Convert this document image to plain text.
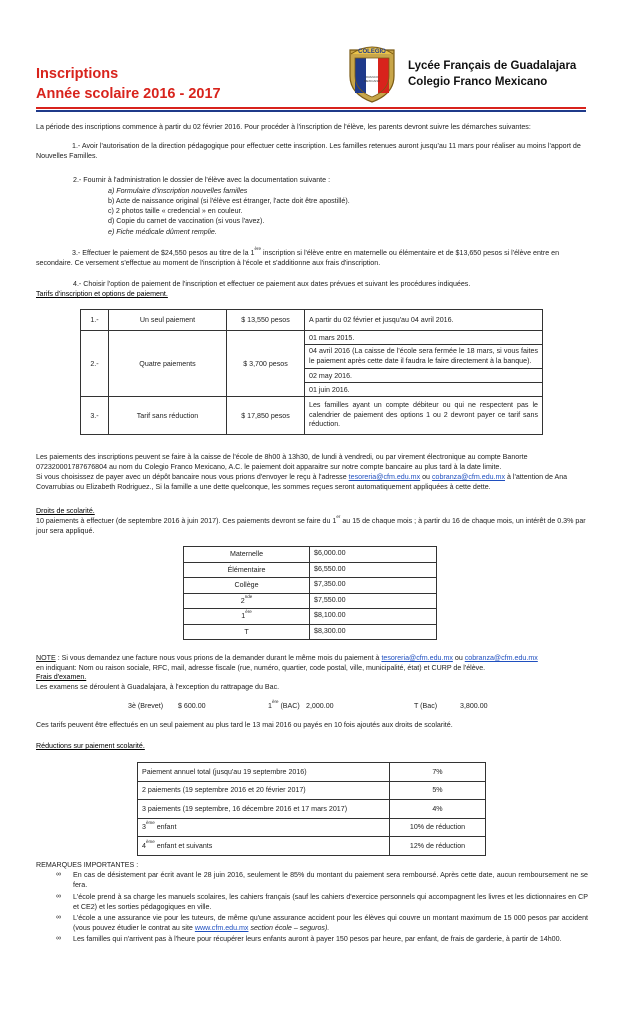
Inscriptions
Année scolaire 2016 - 2017
COLEGIO
FRANCO
MEXICANO
Lycée Français de Guadalajara
Colegio Franco Mexicano
La période des inscriptions commence à partir du 02 février 2016. Pour procéder à l'inscription de l'élève, les parents devront suivre les démarches suivantes:
1.- Avoir l'autorisation de la direction pédagogique pour effectuer cette inscription. Les familles retenues auront jusqu'au 11 mars pour réaliser au moins l'apport de Nouvelles Familles.
2.- Fournir à l'administration le dossier de l'élève avec la documentation suivante :
a) Formulaire d'inscription nouvelles familles
b) Acte de naissance original (si l'élève est étranger, l'acte doit être apostillé).
c) 2 photos taille « credencial » en couleur.
d) Copie du carnet de vaccination (si vous l'avez).
e) Fiche médicale dûment remplie.
3.- Effectuer le paiement de $24,550 pesos au titre de la 1ère inscription si l'élève entre en maternelle ou élémentaire et de $13,650 pesos si l'élève entre en secondaire. Ce versement s'effectue au moment de l'inscription à l'école et s'additionne aux frais d'inscription.
4.- Choisir l'option de paiement de l'inscription et effectuer ce paiement aux dates prévues et suivant les procédures indiquées.
Tarifs d'inscription et options de paiement.
1.-	Un seul paiement	$ 13,550 pesos	A partir du 02 février et jusqu'au 04 avril 2016.
2.-	Quatre paiements	$ 3,700 pesos	01 mars 2015.
			04 avril 2016 (La caisse de l'école sera fermée le 18 mars, si vous faites le paiement après cette date il faudra le faire directement à la banque).
			02 may 2016.
			01 juin 2016.
3.-	Tarif sans réduction	$ 17,850 pesos	Les familles ayant un compte débiteur ou qui ne respectent pas le calendrier de paiement des options 1 ou 2 devront payer ce tarif sans réduction.
Les paiements des inscriptions peuvent se faire à la caisse de l'école de 8h00 à 13h30, de lundi à vendredi, ou par virement électronique au compte Banorte 072320001787676804 au nom du Colegio Franco Mexicano, A.C. le paiement doit apparaitre sur notre compte bancaire au plus tard à la date limite.
Si vous choisissez de payer avec un dépôt bancaire nous vous prions d'envoyer le reçu à l'adresse tesoreria@cfm.edu.mx ou cobranza@cfm.edu.mx à l'attention de Ana Covarrubias ou Elizabeth Rodriguez., Si la famille a une dette quelconque, les sommes reçues seront automatiquement appliquées à cette dette.
Droits de scolarité.
10 paiements à effectuer (de septembre 2016 à juin 2017). Ces paiements devront se faire du 1er au 15 de chaque mois ; à partir du 16 de chaque mois, un intérêt de 0.3% par jour sera appliqué.
Maternelle	$6,000.00
Élémentaire	$6,550.00
Collège	$7,350.00
2nde	$7,550.00
1ère	$8,100.00
T	$8,300.00
NOTE : Si vous demandez une facture nous vous prions de la demander durant le même mois du paiement à tesoreria@cfm.edu.mx ou cobranza@cfm.edu.mx
en indiquant: Nom ou raison sociale, RFC, mail, adresse fiscale (rue, numéro, quartier, code postal, ville, municipalité, état) et CURP de l'élève.
Frais d'examen.
Les examens se déroulent à Guadalajara, à l'exception du rattrapage du Bac.
3è (Brevet) $ 600.00	1ère (BAC) 2,000.00	T (Bac)	3,800.00
Ces tarifs peuvent être effectués en un seul paiement au plus tard le 13 mai 2016 ou payés en 10 fois ajoutés aux droits de scolarité.
Réductions sur paiement scolarité.
Paiement annuel total (jusqu'au 19 septembre 2016)	7%
2 paiements (19 septembre 2016 et 20 février 2017)	5%
3 paiements (19 septembre, 16 décembre 2016 et 17 mars 2017)	4%
3ème enfant	10% de réduction
4ème enfant et suivants	12% de réduction
REMARQUES IMPORTANTES :
∞ En cas de désistement par écrit avant le 28 juin 2016, seulement le 85% du montant du paiement sera remboursé. Après cette date, aucun remboursement ne se fera.
∞ L'école prend à sa charge les manuels scolaires, les cahiers français (sauf les cahiers d'exercice personnels qui accompagnent les livres et les dictionnaires en CP et CE2) et les sorties pédagogiques en ville.
∞ L'école a une assurance vie pour les tuteurs, de même qu'une assurance accident pour les élèves qui couvre un montant maximum de 15 000 pesos par accident (vous pouvez étudier le contrat au site www.cfm.edu.mx section école – seguros).
∞ Les familles qui n'arrivent pas à l'heure pour récupérer leurs enfants auront à payer 150 pesos par heure, par enfant, de frais de garderie, à partir de 14h00.
